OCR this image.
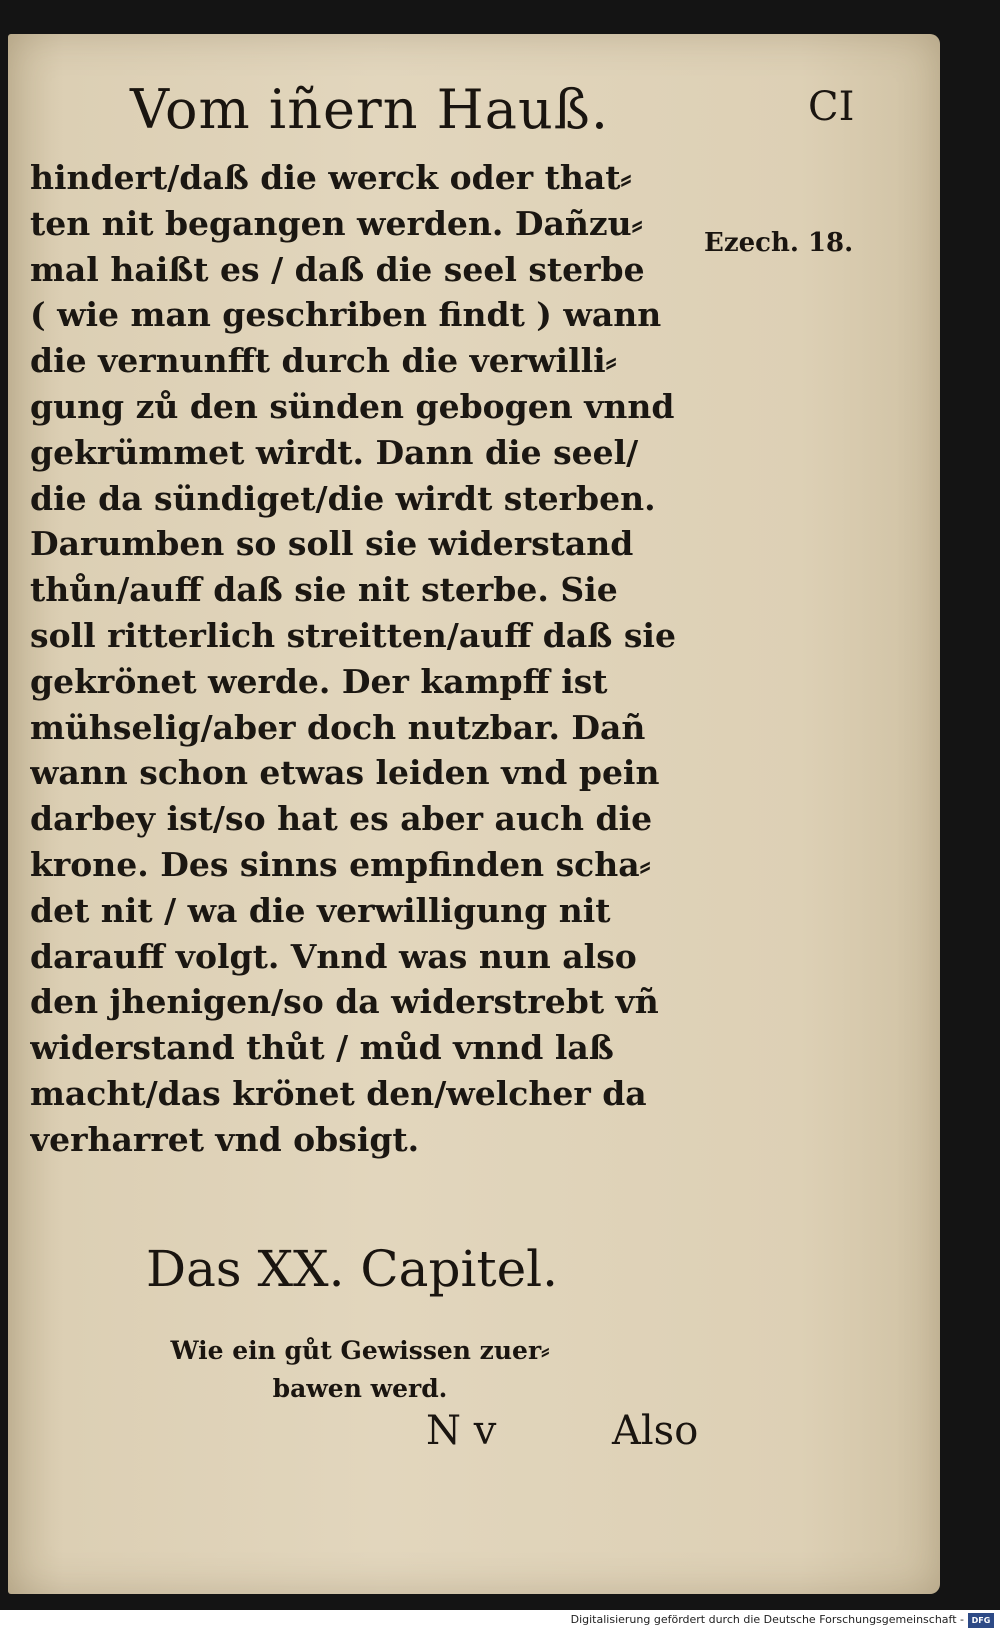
Vom iñern Hauß.	CI
Ezech. 18.
hindert/daß die werck oder that⸗
ten nit begangen werden. Dañzu⸗
mal haißt es / daß die seel sterbe
( wie man geschriben findt ) wann
die vernunfft durch die verwilli⸗
gung zů den sünden gebogen vnnd
gekrümmet wirdt. Dann die seel/
die da sündiget/die wirdt sterben.
Darumben so soll sie widerstand
thůn/auff daß sie nit sterbe. Sie
soll ritterlich streitten/auff daß sie
gekrönet werde. Der kampff ist
mühselig/aber doch nutzbar. Dañ
wann schon etwas leiden vnd pein
darbey ist/so hat es aber auch die
krone. Des sinns empfinden scha⸗
det nit / wa die verwilligung nit
darauff volgt. Vnnd was nun also
den jhenigen/so da widerstrebt vñ
widerstand thůt / můd vnnd laß
macht/das krönet den/welcher da
verharret vnd obsigt.
Das XX. Capitel.
Wie ein gůt Gewissen zuer⸗
bawen werd.
N v	Also
Digitalisierung gefördert durch die Deutsche Forschungsgemeinschaft - DFG
